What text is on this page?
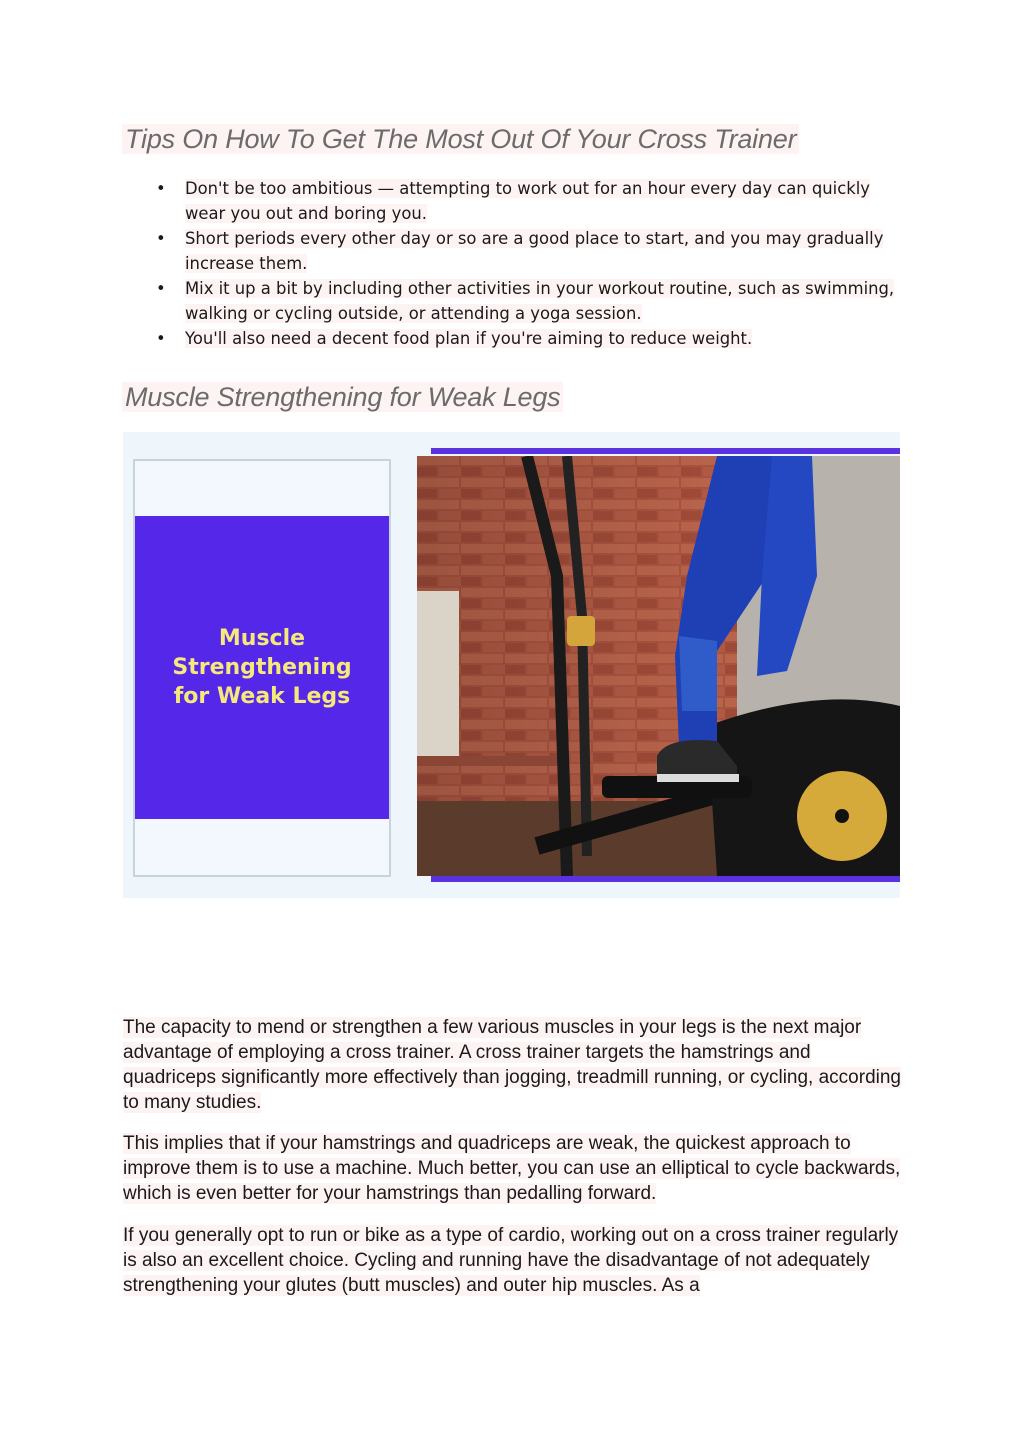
Tips On How To Get The Most Out Of Your Cross Trainer
• Don't be too ambitious — attempting to work out for an hour every day can quickly wear you out and boring you.
• Short periods every other day or so are a good place to start, and you may gradually increase them.
• Mix it up a bit by including other activities in your workout routine, such as swimming, walking or cycling outside, or attending a yoga session.
• You'll also need a decent food plan if you're aiming to reduce weight.
Muscle Strengthening for Weak Legs
Muscle
Strengthening
for Weak Legs

The capacity to mend or strengthen a few various muscles in your legs is the next major advantage of employing a cross trainer. A cross trainer targets the hamstrings and quadriceps significantly more effectively than jogging, treadmill running, or cycling, according to many studies.

This implies that if your hamstrings and quadriceps are weak, the quickest approach to improve them is to use a machine. Much better, you can use an elliptical to cycle backwards, which is even better for your hamstrings than pedalling forward.

If you generally opt to run or bike as a type of cardio, working out on a cross trainer regularly is also an excellent choice. Cycling and running have the disadvantage of not adequately strengthening your glutes (butt muscles) and outer hip muscles. As a
